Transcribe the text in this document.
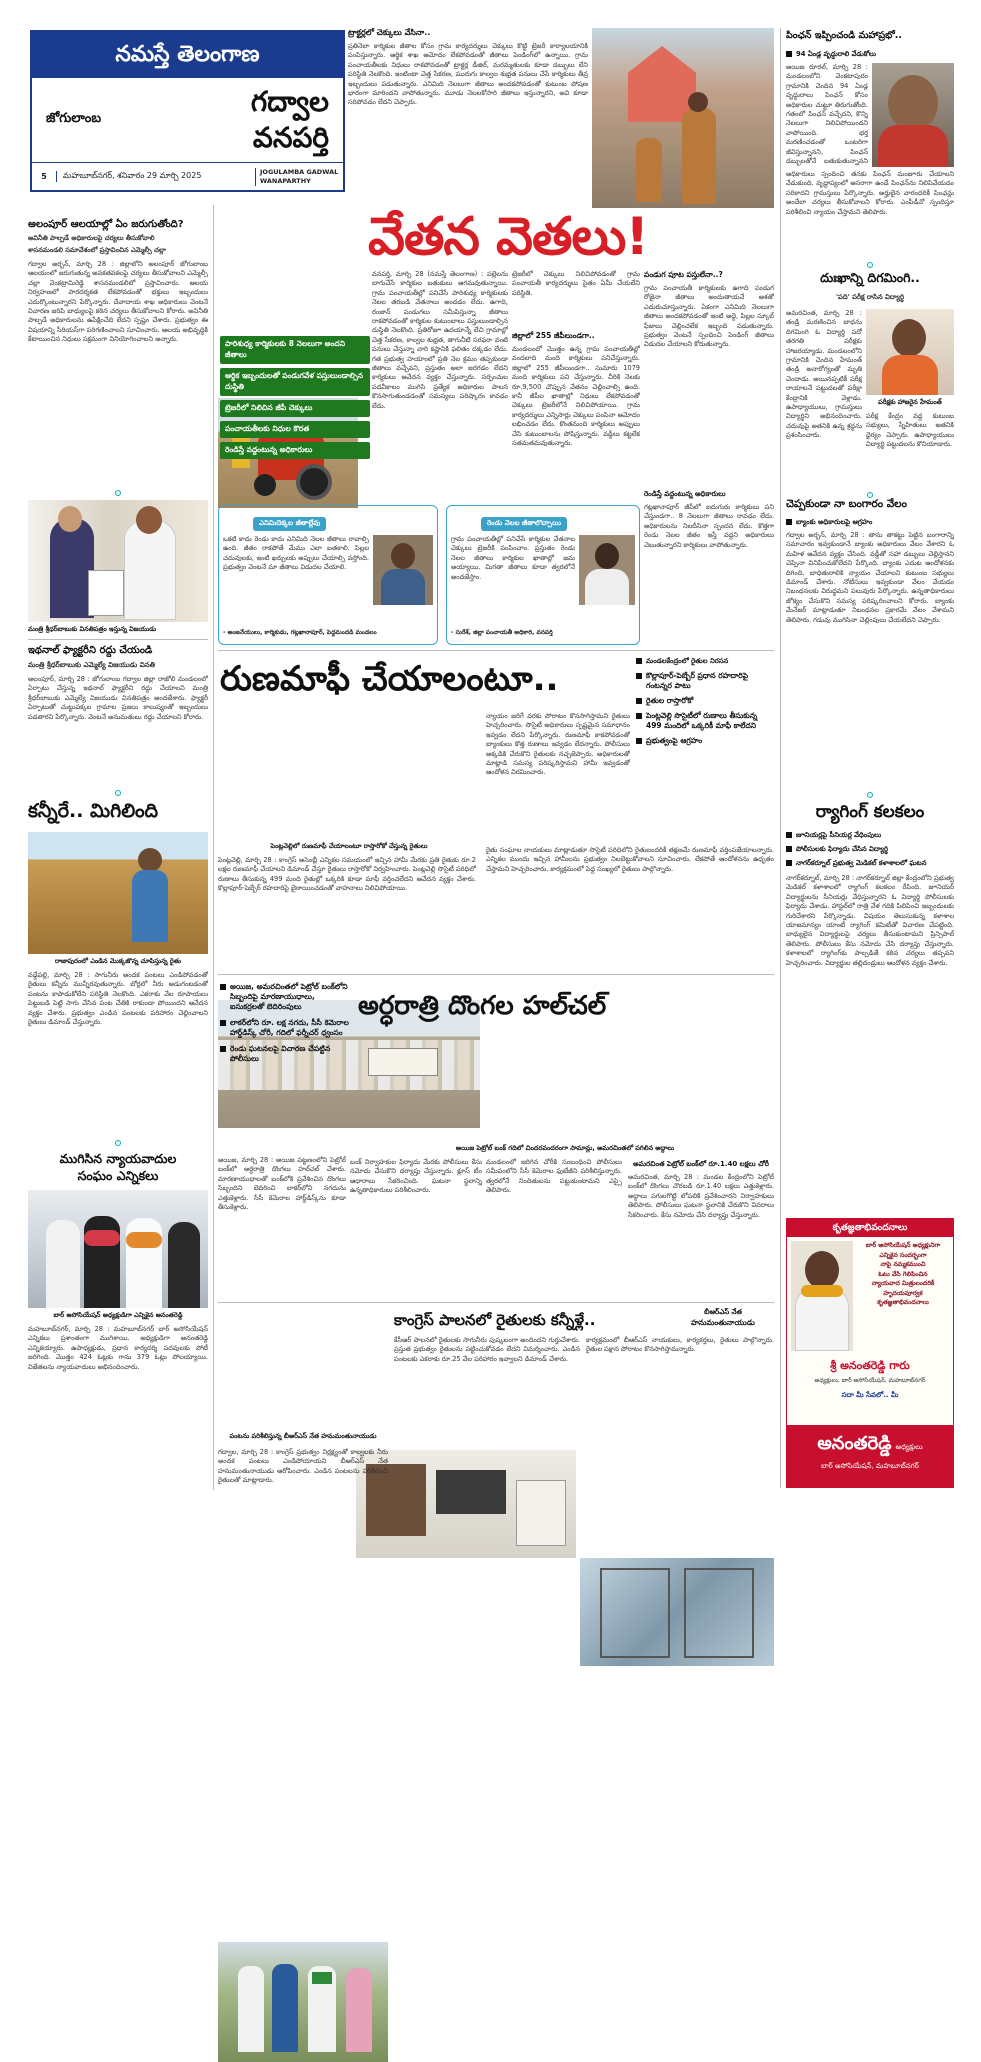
నమస్తే తెలంగాణ
జోగులాంబ
గద్వాల
వనపర్తి
5	మహబూబ్‌నగర్, శనివారం 29 మార్చి 2025	JOGULAMBA GADWAL
WANAPARTHY
అలంపూర్ ఆలయాల్లో ఏం జరుగుతోంది?
అవినీతి పాల్పడే అధికారులపై చర్యలు తీసుకోవాలి
శాసనమండలి సమావేశంలో ప్రస్తావించిన ఎమ్మెల్సీ చల్లా
గద్వాల అర్బన్, మార్చి 28 : జిల్లాలోని అలంపూర్ జోగులాంబ ఆలయంలో జరుగుతున్న అవకతవకలపై చర్యలు తీసుకోవాలని ఎమ్మెల్సీ చల్లా వెంకట్రామిరెడ్డి శాసనమండలిలో ప్రస్తావించారు. ఆలయ నిర్వహణలో పారదర్శకత లేకపోవడంతో భక్తులు ఇబ్బందులు ఎదుర్కొంటున్నారని పేర్కొన్నారు. దేవాదాయ శాఖ అధికారులు వెంటనే విచారణ జరిపి బాధ్యులపై కఠిన చర్యలు తీసుకోవాలని కోరారు. అవినీతి పాల్పడే అధికారులను ఉపేక్షించేది లేదని స్పష్టం చేశారు. ప్రభుత్వం ఈ విషయాన్ని సీరియస్‌గా పరిగణించాలని సూచించారు. ఆలయ అభివృద్ధికి కేటాయించిన నిధులు సక్రమంగా వినియోగించాలని అన్నారు.
మంత్రి శ్రీధర్‌బాబుకు వినతిపత్రం ఇస్తున్న విజయుడు
ఇథనాల్ ఫ్యాక్టరీని రద్దు చేయండి
మంత్రి శ్రీధర్‌బాబుకు ఎమ్మెల్యే విజయుడు వినతి
అలంపూర్, మార్చి 28 : జోగులాంబ గద్వాల జిల్లా రాజోలి మండలంలో ఏర్పాటు చేస్తున్న ఇథనాల్ ఫ్యాక్టరీని రద్దు చేయాలని మంత్రి శ్రీధర్‌బాబుకు ఎమ్మెల్యే విజయుడు వినతిపత్రం అందజేశారు. ఫ్యాక్టరీ ఏర్పాటుతో చుట్టుపక్కల గ్రామాల ప్రజలు కాలుష్యంతో ఇబ్బందులు పడతారని పేర్కొన్నారు. వెంటనే అనుమతులు రద్దు చేయాలని కోరారు.
కన్నీరే.. మిగిలింది
రాజాపురంలో ఎండిన మొక్కజొన్న చూపిస్తున్న రైతు
వడ్డేపల్లి, మార్చి 28 : సాగునీరు అందక పంటలు ఎండిపోవడంతో రైతులు కన్నీరు మున్నీరవుతున్నారు. బోర్లలో నీరు అడుగంటడంతో పంటను కాపాడుకోలేని పరిస్థితి నెలకొంది. ఎకరాకు వేల రూపాయలు పెట్టుబడి పెట్టి సాగు చేసిన పంట చేతికి రాకుండా పోయిందని ఆవేదన వ్యక్తం చేశారు. ప్రభుత్వం ఎండిన పంటలకు పరిహారం చెల్లించాలని రైతులు డిమాండ్ చేస్తున్నారు.
ముగిసిన న్యాయవాదుల
సంఘం ఎన్నికలు
బార్ అసోసియేషన్ అధ్యక్షుడిగా ఎన్నికైన అనంతరెడ్డి
మహబూబ్‌నగర్, మార్చి 28 : మహబూబ్‌నగర్ బార్ అసోసియేషన్ ఎన్నికలు ప్రశాంతంగా ముగిశాయి. అధ్యక్షుడిగా అనంతరెడ్డి ఎన్నికయ్యారు. ఉపాధ్యక్షుడు, ప్రధాన కార్యదర్శి పదవులకు పోటీ జరిగింది. మొత్తం 424 ఓట్లకు గాను 379 ఓట్లు పోలయ్యాయి. విజేతలను న్యాయవాదులు అభినందించారు.
ట్రాక్టర్లలో చెక్కులు వేసినా..
ప్రతినెలా కార్మికుల జీతాల కోసం గ్రామ కార్యదర్శులు చెక్కులు కొట్టి ట్రెజరీ కార్యాలయానికి పంపిస్తున్నారు. ఆర్థిక శాఖ ఆమోదం లేకపోవడంతో జీతాలు పెండింగ్‌లో ఉన్నాయి. గ్రామ పంచాయతీలకు నిధులు రాకపోవడంతో ట్రాక్టర్ల డీజిల్, మరమ్మతులకు కూడా డబ్బులు లేని పరిస్థితి నెలకొంది. ఇంటింటా చెత్త సేకరణ, మురుగు కాల్వల శుభ్రత పనులు చేసే కార్మికులు తీవ్ర ఇబ్బందులు పడుతున్నారు. ఎనిమిది నెలలుగా జీతాలు అందకపోవడంతో కుటుంబ పోషణ భారంగా మారిందని వాపోతున్నారు. మూడు నెలలకోసారి జీతాలు ఇస్తున్నారని, అవి కూడా సరిపోవడం లేదని చెప్పారు.
వేతన వెతలు!
పారిశుధ్య కార్మికులకు 8 నెలలుగా అందని జీతాలు
ఆర్థిక ఇబ్బందులతో పండుగవేళ పస్తులుండాల్సిన దుస్థితి
ట్రెజరీలో నిలిచిన జీపీ చెక్కులు
పంచాయతీలకు నిధుల కొరత
రెండిస్తే వద్దంటున్న అధికారులు
వనపర్తి, మార్చి 28 (నమస్తే తెలంగాణ) : పల్లెలను బాగుచేసే కార్మికుల బతుకులు ఆగమవుతున్నాయి. గ్రామ పంచాయతీల్లో పనిచేసే పారిశుధ్య కార్మికులకు నెలల తరబడి వేతనాలు అందడం లేదు. ఉగాది, రంజాన్ పండుగలు సమీపిస్తున్నా జీతాలు రాకపోవడంతో కార్మికుల కుటుంబాలు పస్తులుండాల్సిన దుస్థితి నెలకొంది. ప్రతిరోజూ ఉదయాన్నే లేచి గ్రామాల్లో చెత్త సేకరణ, కాల్వల శుభ్రత, తాగునీటి సరఫరా వంటి పనులు చేస్తున్నా వారి కష్టానికి ఫలితం దక్కడం లేదు. గత ప్రభుత్వ హయాంలో ప్రతి నెల క్రమం తప్పకుండా జీతాలు వచ్చేవని, ప్రస్తుతం అలా జరగడం లేదని కార్మికులు ఆవేదన వ్యక్తం చేస్తున్నారు. సర్పంచుల పదవీకాలం ముగిసి ప్రత్యేక అధికారుల పాలన కొనసాగుతుండడంతో సమస్యలు పరిష్కారం కావడం లేదు.
ట్రెజరీలో చెక్కులు నిలిచిపోవడంతో గ్రామ పంచాయతీ కార్యదర్శులు సైతం ఏమీ చేయలేని పరిస్థితి.
జిల్లాలో 255 జీపీలుండగా..
మండలంలో మొత్తం ఉన్న గ్రామ పంచాయతీల్లో వందలాది మంది కార్మికులు పనిచేస్తున్నారు. జిల్లాలో 255 జీపీలుండగా.. సుమారు 1079 మంది కార్మికులు పని చేస్తున్నారు. వీరికి నెలకు రూ.9,500 చొప్పున వేతనం చెల్లించాల్సి ఉంది. కానీ జీపీల ఖాతాల్లో నిధులు లేకపోవడంతో చెక్కులు ట్రెజరీలోనే నిలిచిపోయాయి. గ్రామ కార్యదర్శులు ఎన్నిసార్లు చెక్కులు పంపినా ఆమోదం లభించడం లేదు. కొంతమంది కార్మికులు అప్పులు చేసి కుటుంబాలను పోషిస్తున్నారు. వడ్డీలు కట్టలేక సతమతమవుతున్నారు.
పండుగ పూట పస్తులేనా..?
గ్రామ పంచాయతీ కార్మికులకు ఉగాది పండుగ రోజైనా జీతాలు అందుతాయనే ఆశతో ఎదురుచూస్తున్నారు. ఏకంగా ఎనిమిది నెలలుగా జీతాలు అందకపోవడంతో ఇంటి అద్దె, పిల్లల స్కూల్ ఫీజులు చెల్లించలేక ఇబ్బంది పడుతున్నారు. ప్రభుత్వం వెంటనే స్పందించి పెండింగ్ జీతాలు విడుదల చేయాలని కోరుతున్నారు.
ఎనిమిదెక్కల జీతాల్లేవు
ఒకటి కాదు రెండు కాదు ఎనిమిది నెలల జీతాలు రావాల్సి ఉంది. జీతం రాకపోతే మేము ఎలా బతకాలి. పిల్లల చదువులకు, ఇంటి ఖర్చులకు అప్పులు చేయాల్సి వస్తోంది. ప్రభుత్వం వెంటనే మా జీతాలు విడుదల చేయాలి.
- అంజనేయులు, కార్మికుడు, గట్లఖానాపూర్, పెద్దమందడి మండలం
రెండు నెలల జీతాలొచ్చాయి
గ్రామ పంచాయతీల్లో పనిచేసే కార్మికుల వేతనాల చెక్కులు ట్రెజరీకి పంపించాం. ప్రస్తుతం రెండు నెలల జీతాలు కార్మికుల ఖాతాల్లో జమ అయ్యాయి. మిగతా జీతాలు కూడా త్వరలోనే అందజేస్తాం.
- సురేశ్, జిల్లా పంచాయతీ అధికారి, వనపర్తి
రెండిస్తే వద్దంటున్న అధికారులు
గట్లఖానాపూర్ జీపీలో ఐదుగురు కార్మికులు పని చేస్తుండగా.. 8 నెలలుగా జీతాలు రావడం లేదు. అధికారులను నిలదీసినా స్పందన లేదు. కొత్తగా రెండు నెలల జీతం ఇస్తే వద్దని అధికారులు చెబుతున్నారని కార్మికులు వాపోతున్నారు.
రుణమాఫీ చేయాలంటూ..
పెంట్లవెల్లిలో రుణమాఫీ చేయాలంటూ రాస్తారోకో చేస్తున్న రైతులు
న్యాయం జరిగే వరకు పోరాటం కొనసాగిస్తామని రైతులు హెచ్చరించారు. సొసైటీ అధికారులు స్పష్టమైన సమాధానం ఇవ్వడం లేదని పేర్కొన్నారు. రుణమాఫీ కాకపోవడంతో బ్యాంకులు కొత్త రుణాలు ఇవ్వడం లేదన్నారు. పోలీసులు అక్కడికి చేరుకొని రైతులకు నచ్చజెప్పారు. అధికారులతో మాట్లాడి సమస్య పరిష్కరిస్తామని హామీ ఇవ్వడంతో ఆందోళన విరమించారు.
మండలకేంద్రంలో రైతుల నిరసన
కొల్లాపూర్-పెబ్బేర్ ప్రధాన రహదారిపై గంటన్నర పాటు
రైతుల రాస్తారోకో
పెంట్లవెల్లి సొసైటీలో రుణాలు తీసుకున్న 499 మందిలో ఒక్కరికీ మాఫీ కాలేదని
ప్రభుత్వంపై ఆగ్రహం
పెంట్లవెల్లి, మార్చి 28 : కాంగ్రెస్ అసెంబ్లీ ఎన్నికల సమయంలో ఇచ్చిన హామీ మేరకు ప్రతి రైతుకు రూ.2 లక్షల రుణమాఫీ చేయాలని డిమాండ్ చేస్తూ రైతులు రాస్తారోకో నిర్వహించారు. పెంట్లవెల్లి సొసైటీ పరిధిలో రుణాలు తీసుకున్న 499 మంది రైతుల్లో ఒక్కరికి కూడా మాఫీ వర్తించలేదని ఆవేదన వ్యక్తం చేశారు. కొల్లాపూర్-పెబ్బేర్ రహదారిపై బైఠాయించడంతో వాహనాలు నిలిచిపోయాయి.
రైతు సంఘాల నాయకులు మాట్లాడుతూ సొసైటీ పరిధిలోని రైతులందరికీ తక్షణమే రుణమాఫీ వర్తింపజేయాలన్నారు. ఎన్నికల ముందు ఇచ్చిన హామీలను ప్రభుత్వం నిలబెట్టుకోవాలని సూచించారు. లేకపోతే ఆందోళనను ఉధృతం చేస్తామని హెచ్చరించారు. కార్యక్రమంలో పెద్ద సంఖ్యలో రైతులు పాల్గొన్నారు.
అయిజ, అమరచింతలో పెట్రోల్ బంక్‌లోని సిబ్బందిపై మారణాయుధాలు, ఐసుకర్రలతో బెదిరింపులు
లాకర్‌లోని రూ. లక్ష నగదు, సీసీ కెమెరాల హార్డ్‌డిస్క్ చోరీ, గదిలో ఫర్నీచర్ ధ్వంసం
రెండు ఘటనలపై విచారణ చేపట్టిన పోలీసులు
అర్ధరాత్రి దొంగల హల్‌చల్
అయిజ పెట్రోల్ బంక్ గదిలో చిందరవందరంగా సామాన్లు, అమరచింతలో పగిలిన అద్దాలు
అయిజ, మార్చి 28 : అయిజ పట్టణంలోని పెట్రోల్ బంక్‌లో అర్ధరాత్రి దొంగలు హల్‌చల్ చేశారు. మారణాయుధాలతో బంక్‌లోకి ప్రవేశించిన దొంగలు సిబ్బందిని బెదిరించి లాకర్‌లోని నగదును ఎత్తుకెళ్లారు. సీసీ కెమెరాల హార్డ్‌డిస్క్‌ను కూడా తీసుకెళ్లారు.
బంక్ నిర్వాహకుల ఫిర్యాదు మేరకు పోలీసులు కేసు నమోదు చేసుకొని దర్యాప్తు చేస్తున్నారు. క్లూస్ టీం ఆధారాలు సేకరించింది. ఘటనా స్థలాన్ని ఉన్నతాధికారులు పరిశీలించారు.
మండలంలో జరిగిన చోరీకి సంబంధించి పోలీసులు సమీపంలోని సీసీ కెమెరాల ఫుటేజీని పరిశీలిస్తున్నారు. త్వరలోనే నిందితులను పట్టుకుంటామని ఎస్సై తెలిపారు.
అమరచింత పెట్రోల్ బంక్‌లో రూ.1.40 లక్షలు చోరీ
అమరచింత, మార్చి 28 : మండల కేంద్రంలోని పెట్రోల్ బంక్‌లో దొంగలు చొరబడి రూ.1.40 లక్షలు ఎత్తుకెళ్లారు. అద్దాలు పగులగొట్టి లోపలికి ప్రవేశించారని నిర్వాహకులు తెలిపారు. పోలీసులు ఘటనా స్థలానికి చేరుకొని వివరాలు సేకరించారు. కేసు నమోదు చేసి దర్యాప్తు చేస్తున్నారు.
పంటను పరిశీలిస్తున్న బీఆర్ఎస్ నేత హనుమంతునాయుడు
కాంగ్రెస్ పాలనలో రైతులకు కన్నీళ్లే..	బీఆర్ఎస్ నేత
హనుమంతునాయుడు
గద్వాల, మార్చి 28 : కాంగ్రెస్ ప్రభుత్వం నిర్లక్ష్యంతో కాల్వలకు నీరు అందక పంటలు ఎండిపోయాయని బీఆర్ఎస్ నేత హనుమంతునాయుడు ఆరోపించారు. ఎండిన పంటలను పరిశీలించి రైతులతో మాట్లాడారు.
కేసీఆర్ పాలనలో రైతులకు సాగునీరు పుష్కలంగా అందిందని గుర్తుచేశారు. ప్రస్తుత ప్రభుత్వం రైతులను పట్టించుకోవడం లేదని విమర్శించారు. ఎండిన పంటలకు ఎకరాకు రూ.25 వేల పరిహారం ఇవ్వాలని డిమాండ్ చేశారు.
కార్యక్రమంలో బీఆర్ఎస్ నాయకులు, కార్యకర్తలు, రైతులు పాల్గొన్నారు. రైతుల పక్షాన పోరాటం కొనసాగిస్తామన్నారు.
పింఛన్ ఇప్పించండి మహాప్రభో..
94 ఏండ్ల వృద్ధురాలి వేడుకోలు
అయిజ రూరల్, మార్చి 28 : మండలంలోని వెంకటాపురం గ్రామానికి చెందిన 94 ఏండ్ల వృద్ధురాలు పింఛన్ కోసం అధికారుల చుట్టూ తిరుగుతోంది. గతంలో పింఛన్ వచ్చేదని, కొన్ని నెలలుగా నిలిచిపోయిందని వాపోయింది. భర్త మరణించడంతో ఒంటరిగా జీవిస్తున్నానని, పింఛన్ డబ్బులతోనే బతుకుతున్నానని
అధికారులు స్పందించి తనకు పింఛన్ మంజూరు చేయాలని వేడుకుంది. వృద్ధాప్యంలో ఆసరాగా ఉండే పింఛన్‌ను నిలిపివేయడం సరికాదని గ్రామస్తులు పేర్కొన్నారు. అర్హులైన వారందరికీ పింఛన్లు అందేలా చర్యలు తీసుకోవాలని కోరారు. ఎంపీడీవో స్పందిస్తూ పరిశీలించి న్యాయం చేస్తామని తెలిపారు.
దుఃఖాన్ని దిగమింగి..
'పది' పరీక్ష రాసిన విద్యార్థి
అమరచింత, మార్చి 28 : తండ్రి మరణించిన బాధను దిగమింగి ఓ విద్యార్థి పదో తరగతి పరీక్షకు హాజరయ్యాడు. మండలంలోని గ్రామానికి చెందిన హేమంత్ తండ్రి అనారోగ్యంతో మృతి చెందాడు. అయినప్పటికీ పరీక్ష రాయాలనే పట్టుదలతో పరీక్షా కేంద్రానికి వెళ్లాడు. ఉపాధ్యాయులు, గ్రామస్తులు విద్యార్థిని అభినందించారు. చదువుపై అతనికి ఉన్న శ్రద్ధను ప్రశంసించారు.
పరీక్షకు హాజరైన హేమంత్
పరీక్ష కేంద్రం వద్ద కుటుంబ సభ్యులు, స్నేహితులు అతనికి ధైర్యం చెప్పారు. ఉపాధ్యాయులు విద్యార్థి పట్టుదలను కొనియాడారు.
చెప్పకుండా నా బంగారం వేలం
బ్యాంకు అధికారులపై ఆగ్రహం
గద్వాల అర్బన్, మార్చి 28 : తాను తాకట్టు పెట్టిన బంగారాన్ని సమాచారం ఇవ్వకుండానే బ్యాంకు అధికారులు వేలం వేశారని ఓ మహిళ ఆవేదన వ్యక్తం చేసింది. వడ్డీతో సహా డబ్బులు చెల్లిస్తానని చెప్పినా వినిపించుకోలేదని పేర్కొంది. బ్యాంకు ఎదుట ఆందోళనకు దిగింది. బాధితురాలికి న్యాయం చేయాలని కుటుంబ సభ్యులు డిమాండ్ చేశారు. నోటీసులు ఇవ్వకుండా వేలం వేయడం నిబంధనలకు విరుద్ధమని పలువురు పేర్కొన్నారు. ఉన్నతాధికారులు జోక్యం చేసుకొని సమస్య పరిష్కరించాలని కోరారు. బ్యాంకు మేనేజర్ మాట్లాడుతూ నిబంధనల ప్రకారమే వేలం వేశామని తెలిపారు. గడువు ముగిసినా చెల్లింపులు చేయలేదని చెప్పారు.
ర్యాగింగ్ కలకలం
జూనియర్లపై సీనియర్ల వేధింపులు
పోలీసులకు ఫిర్యాదు చేసిన విద్యార్థి
నాగర్‌కర్నూల్ ప్రభుత్వ మెడికల్ కళాశాలలో ఘటన
నాగర్‌కర్నూల్, మార్చి 28 : నాగర్‌కర్నూల్ జిల్లా కేంద్రంలోని ప్రభుత్వ మెడికల్ కళాశాలలో ర్యాగింగ్ కలకలం రేపింది. జూనియర్ విద్యార్థులను సీనియర్లు వేధిస్తున్నారని ఓ విద్యార్థి పోలీసులకు ఫిర్యాదు చేశాడు. హాస్టల్‌లో రాత్రి వేళ గదికి పిలిపించి ఇబ్బందులకు గురిచేశారని పేర్కొన్నాడు. విషయం తెలుసుకున్న కళాశాల యాజమాన్యం యాంటీ ర్యాగింగ్ కమిటీతో విచారణ చేపట్టింది. బాధ్యులైన విద్యార్థులపై చర్యలు తీసుకుంటామని ప్రిన్సిపాల్ తెలిపారు. పోలీసులు కేసు నమోదు చేసి దర్యాప్తు చేస్తున్నారు. కళాశాలలో ర్యాగింగ్‌కు పాల్పడితే కఠిన చర్యలు తప్పవని హెచ్చరించారు. విద్యార్థుల తల్లిదండ్రులు ఆందోళన వ్యక్తం చేశారు.
కృతజ్ఞతాభివందనాలు
బార్ అసోసియేషన్ అధ్యక్షునిగా
ఎన్నికైన సందర్భంగా
నాపై నమ్మకముంచి
ఓటు వేసి గెలిపించిన
న్యాయవాద మిత్రులందరికీ
హృదయపూర్వక
కృతజ్ఞతాభివందనాలు
శ్రీ అనంతరెడ్డి గారు
అధ్యక్షులు, బార్ అసోసియేషన్, మహబూబ్‌నగర్
సదా మీ సేవలో.. మీ
అనంతరెడ్డి అధ్యక్షులు
బార్ అసోసియేషన్, మహబూబ్‌నగర్
